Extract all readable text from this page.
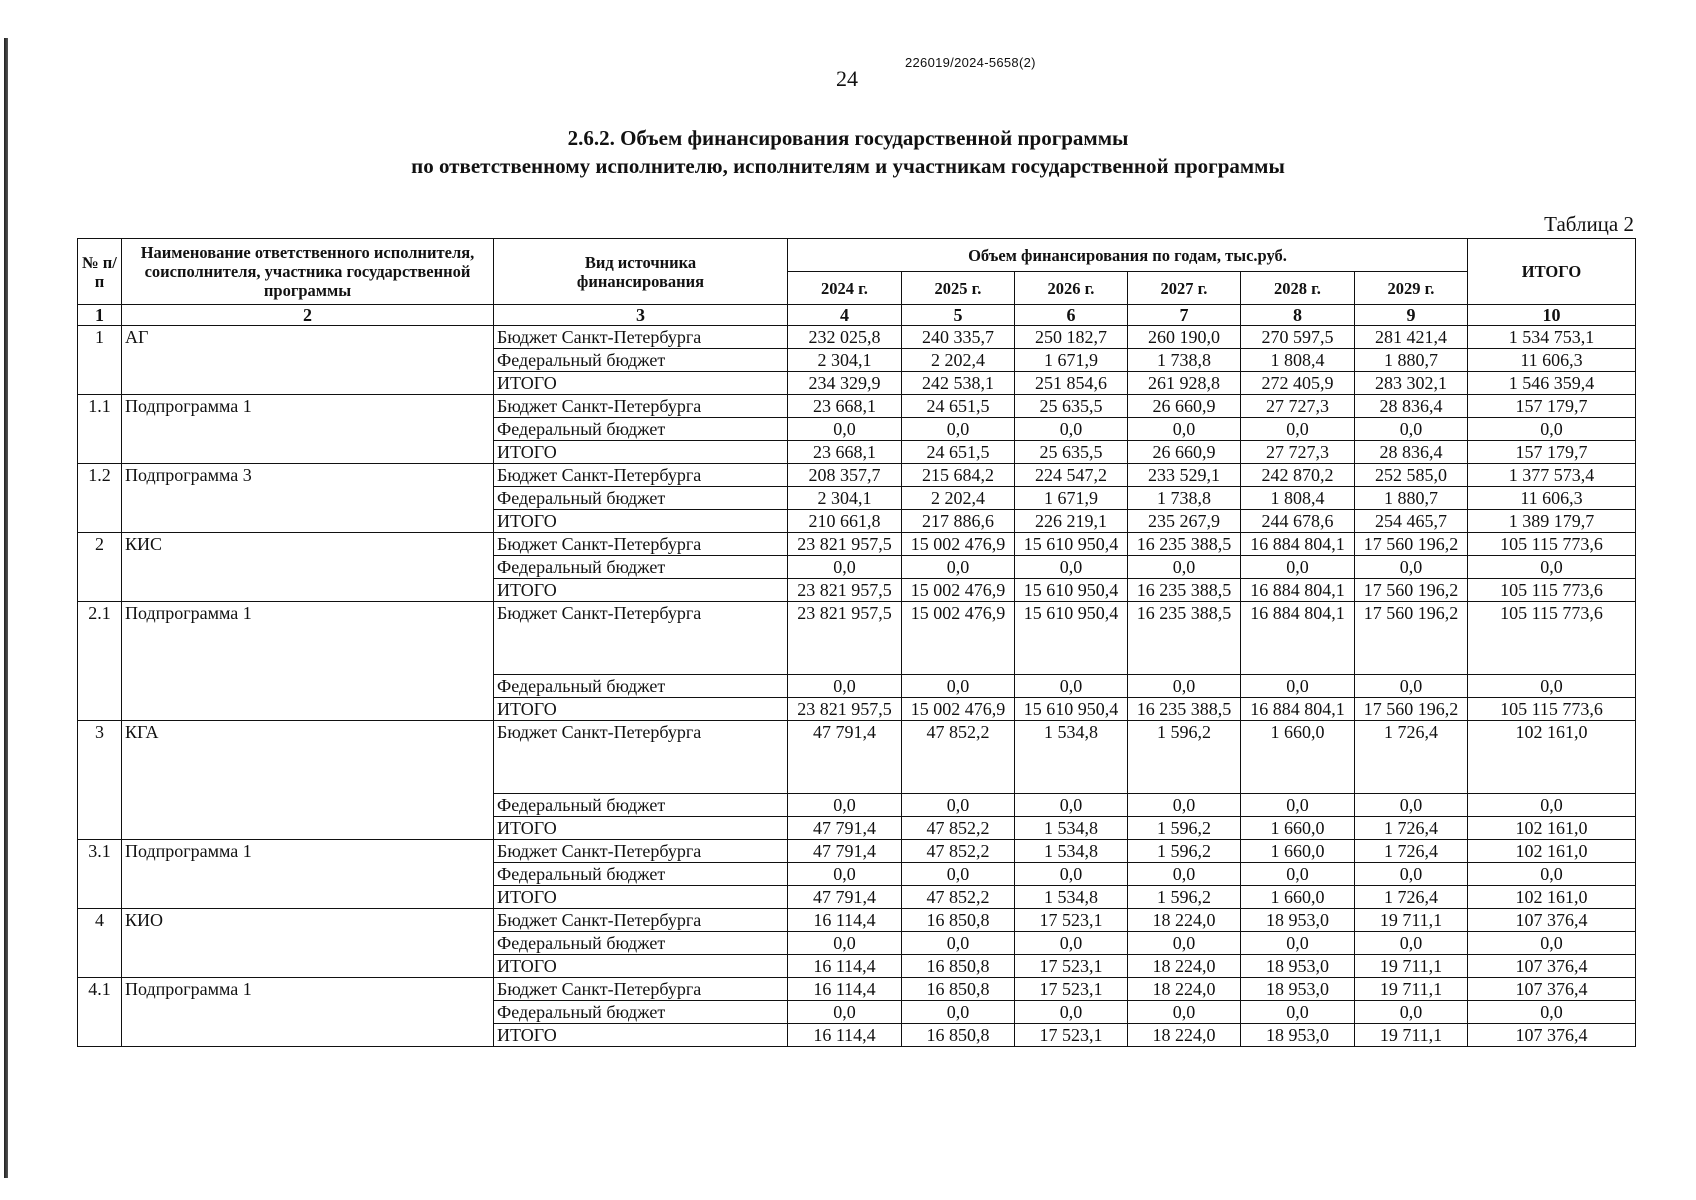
226019/2024-5658(2)
24
2.6.2. Объем финансирования государственной программы
по ответственному исполнителю, исполнителям и участникам государственной программы
Таблица 2
№ п/п	Наименование ответственного исполнителя, соисполнителя, участника государственной программы	Вид источника финансирования	Объем финансирования по годам, тыс.руб.						ИТОГО
			2024 г.	2025 г.	2026 г.	2027 г.	2028 г.	2029 г.	
1	2	3	4	5	6	7	8	9	10
1	АГ	Бюджет Санкт-Петербурга	232 025,8	240 335,7	250 182,7	260 190,0	270 597,5	281 421,4	1 534 753,1
		Федеральный бюджет	2 304,1	2 202,4	1 671,9	1 738,8	1 808,4	1 880,7	11 606,3
		ИТОГО	234 329,9	242 538,1	251 854,6	261 928,8	272 405,9	283 302,1	1 546 359,4
1.1	Подпрограмма 1	Бюджет Санкт-Петербурга	23 668,1	24 651,5	25 635,5	26 660,9	27 727,3	28 836,4	157 179,7
		Федеральный бюджет	0,0	0,0	0,0	0,0	0,0	0,0	0,0
		ИТОГО	23 668,1	24 651,5	25 635,5	26 660,9	27 727,3	28 836,4	157 179,7
1.2	Подпрограмма 3	Бюджет Санкт-Петербурга	208 357,7	215 684,2	224 547,2	233 529,1	242 870,2	252 585,0	1 377 573,4
		Федеральный бюджет	2 304,1	2 202,4	1 671,9	1 738,8	1 808,4	1 880,7	11 606,3
		ИТОГО	210 661,8	217 886,6	226 219,1	235 267,9	244 678,6	254 465,7	1 389 179,7
2	КИС	Бюджет Санкт-Петербурга	23 821 957,5	15 002 476,9	15 610 950,4	16 235 388,5	16 884 804,1	17 560 196,2	105 115 773,6
		Федеральный бюджет	0,0	0,0	0,0	0,0	0,0	0,0	0,0
		ИТОГО	23 821 957,5	15 002 476,9	15 610 950,4	16 235 388,5	16 884 804,1	17 560 196,2	105 115 773,6
2.1	Подпрограмма 1	Бюджет Санкт-Петербурга	23 821 957,5	15 002 476,9	15 610 950,4	16 235 388,5	16 884 804,1	17 560 196,2	105 115 773,6
		Федеральный бюджет	0,0	0,0	0,0	0,0	0,0	0,0	0,0
		ИТОГО	23 821 957,5	15 002 476,9	15 610 950,4	16 235 388,5	16 884 804,1	17 560 196,2	105 115 773,6
3	КГА	Бюджет Санкт-Петербурга	47 791,4	47 852,2	1 534,8	1 596,2	1 660,0	1 726,4	102 161,0
		Федеральный бюджет	0,0	0,0	0,0	0,0	0,0	0,0	0,0
		ИТОГО	47 791,4	47 852,2	1 534,8	1 596,2	1 660,0	1 726,4	102 161,0
3.1	Подпрограмма 1	Бюджет Санкт-Петербурга	47 791,4	47 852,2	1 534,8	1 596,2	1 660,0	1 726,4	102 161,0
		Федеральный бюджет	0,0	0,0	0,0	0,0	0,0	0,0	0,0
		ИТОГО	47 791,4	47 852,2	1 534,8	1 596,2	1 660,0	1 726,4	102 161,0
4	КИО	Бюджет Санкт-Петербурга	16 114,4	16 850,8	17 523,1	18 224,0	18 953,0	19 711,1	107 376,4
		Федеральный бюджет	0,0	0,0	0,0	0,0	0,0	0,0	0,0
		ИТОГО	16 114,4	16 850,8	17 523,1	18 224,0	18 953,0	19 711,1	107 376,4
4.1	Подпрограмма 1	Бюджет Санкт-Петербурга	16 114,4	16 850,8	17 523,1	18 224,0	18 953,0	19 711,1	107 376,4
		Федеральный бюджет	0,0	0,0	0,0	0,0	0,0	0,0	0,0
		ИТОГО	16 114,4	16 850,8	17 523,1	18 224,0	18 953,0	19 711,1	107 376,4
